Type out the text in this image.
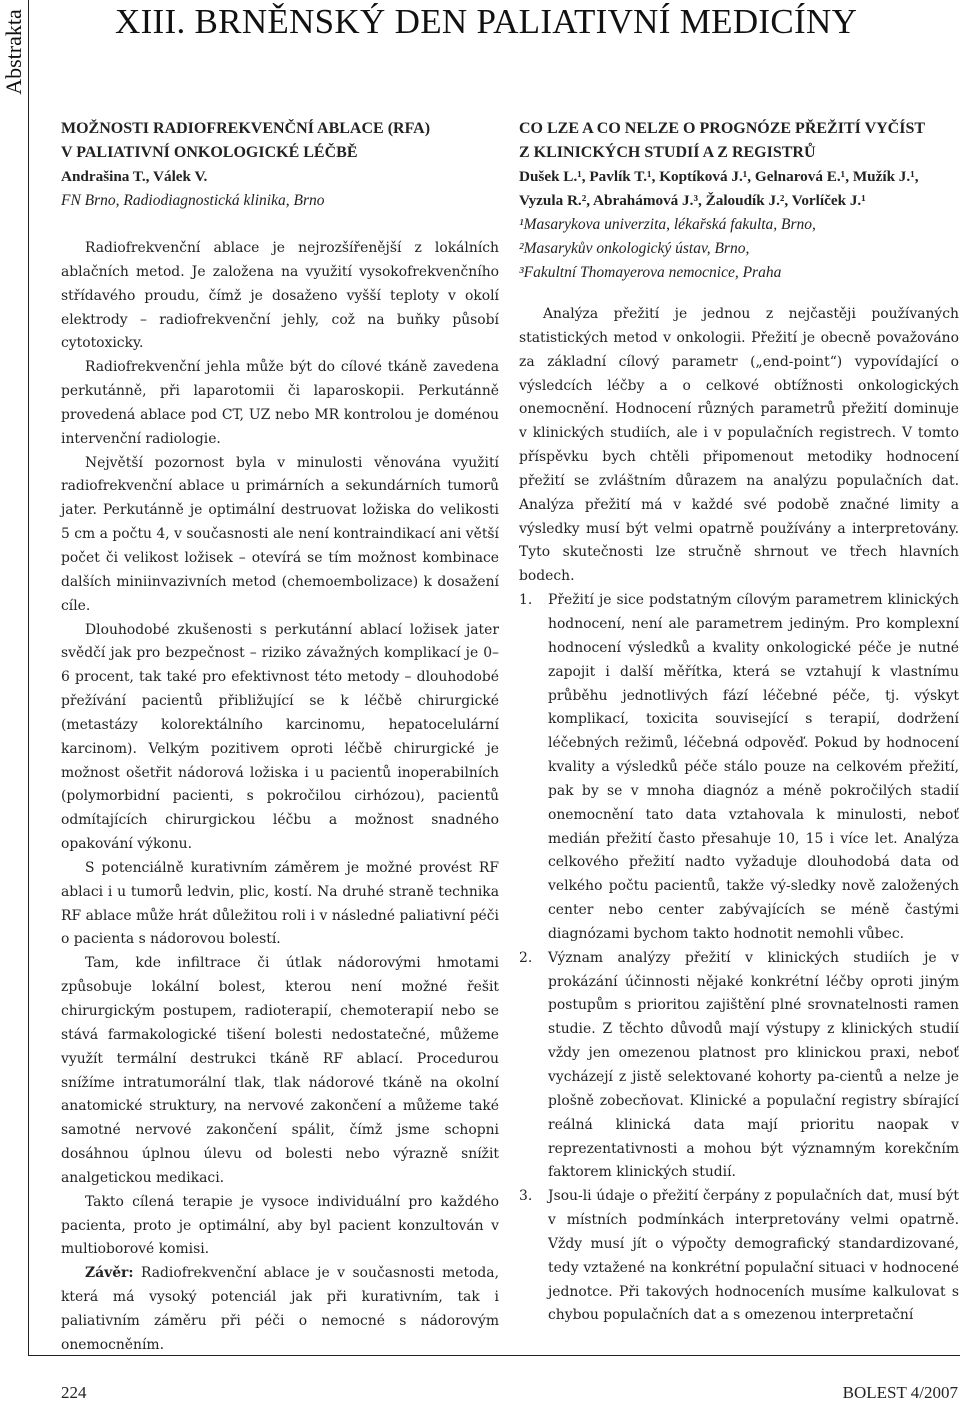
Abstrakta	XIII. BRNĚNSKÝ DEN PALIATIVNÍ MEDICÍNY
MOŽNOSTI RADIOFREKVENČNÍ ABLACE (RFA)
V PALIATIVNÍ ONKOLOGICKÉ LÉČBĚ
Andrašina T., Válek V.
FN Brno, Radiodiagnostická klinika, Brno

Radiofrekvenční ablace je nejrozšířenější z lokálních ablačních metod. Je založena na využití vysokofrekvenčního střídavého proudu, čímž je dosaženo vyšší teploty v okolí elektrody – radiofrekvenční jehly, což na buňky působí cytotoxicky.

Radiofrekvenční jehla může být do cílové tkáně zavedena perkutánně, při laparotomii či laparoskopii. Perkutánně provedená ablace pod CT, UZ nebo MR kontrolou je doménou intervenční radiologie.

Největší pozornost byla v minulosti věnována využití radiofrekvenční ablace u primárních a sekundárních tumorů jater. Perkutánně je optimální destruovat ložiska do velikosti 5 cm a počtu 4, v současnosti ale není kontraindikací ani větší počet či velikost ložisek – otevírá se tím možnost kombinace dalších miniinvazivních metod (chemoembolizace) k dosažení cíle.

Dlouhodobé zkušenosti s perkutánní ablací ložisek jater svědčí jak pro bezpečnost – riziko závažných komplikací je 0–6 procent, tak také pro efektivnost této metody – dlouhodobé přežívání pacientů přibližující se k léčbě chirurgické (metastázy kolorektálního karcinomu, hepatocelulární karcinom). Velkým pozitivem oproti léčbě chirurgické je možnost ošetřit nádorová ložiska i u pacientů inoperabilních (polymorbidní pacienti, s pokročilou cirhózou), pacientů odmítajících chirurgickou léčbu a možnost snadného opakování výkonu.

S potenciálně kurativním záměrem je možné provést RF ablaci i u tumorů ledvin, plic, kostí. Na druhé straně technika RF ablace může hrát důležitou roli i v následné paliativní péči o pacienta s nádorovou bolestí.

Tam, kde infiltrace či útlak nádorovými hmotami způsobuje lokální bolest, kterou není možné řešit chirurgickým postupem, radioterapií, chemoterapií nebo se stává farmakologické tišení bolesti nedostatečné, můžeme využít termální destrukci tkáně RF ablací. Procedurou snížíme intratumorální tlak, tlak nádorové tkáně na okolní anatomické struktury, na nervové zakončení a můžeme také samotné nervové zakončení spálit, čímž jsme schopni dosáhnou úplnou úlevu od bolesti nebo výrazně snížit analgetickou medikaci.

Takto cílená terapie je vysoce individuální pro každého pacienta, proto je optimální, aby byl pacient konzultován v multioborové komisi.

Závěr: Radiofrekvenční ablace je v současnosti metoda, která má vysoký potenciál jak při kurativním, tak i paliativním záměru při péči o nemocné s nádorovým onemocněním.

CO LZE A CO NELZE O PROGNÓZE PŘEŽITÍ VYČÍST
Z KLINICKÝCH STUDIÍ A Z REGISTRŮ
Dušek L.¹, Pavlík T.¹, Koptíková J.¹, Gelnarová E.¹, Mužík J.¹,
Vyzula R.², Abrahámová J.³, Žaloudík J.², Vorlíček J.¹
¹Masarykova univerzita, lékařská fakulta, Brno,
²Masarykův onkologický ústav, Brno,
³Fakultní Thomayerova nemocnice, Praha

Analýza přežití je jednou z nejčastěji používaných statistických metod v onkologii. Přežití je obecně považováno za základní cílový parametr („end-point“) vypovídající o výsledcích léčby a o celkové obtížnosti onkologických onemocnění. Hodnocení různých parametrů přežití dominuje v klinických studiích, ale i v populačních registrech. V tomto příspěvku bych chtěli připomenout metodiky hodnocení přežití se zvláštním důrazem na analýzu populačních dat. Analýza přežití má v každé své podobě značné limity a výsledky musí být velmi opatrně používány a interpretovány. Tyto skutečnosti lze stručně shrnout ve třech hlavních bodech.

1. Přežití je sice podstatným cílovým parametrem klinických hodnocení, není ale parametrem jediným. Pro komplexní hodnocení výsledků a kvality onkologické péče je nutné zapojit i další měřítka, která se vztahují k vlastnímu průběhu jednotlivých fází léčebné péče, tj. výskyt komplikací, toxicita související s terapií, dodržení léčebných režimů, léčebná odpověď. Pokud by hodnocení kvality a výsledků péče stálo pouze na celkovém přežití, pak by se v mnoha diagnóz a méně pokročilých stadií onemocnění tato data vztahovala k minulosti, neboť medián přežití často přesahuje 10, 15 i více let. Analýza celkového přežití nadto vyžaduje dlouhodobá data od velkého počtu pacientů, takže vý-sledky nově založených center nebo center zabývajících se méně častými diagnózami bychom takto hodnotit nemohli vůbec.
2. Význam analýzy přežití v klinických studiích je v prokázání účinnosti nějaké konkrétní léčby oproti jiným postupům s prioritou zajištění plné srovnatelnosti ramen studie. Z těchto důvodů mají výstupy z klinických studií vždy jen omezenou platnost pro klinickou praxi, neboť vycházejí z jistě selektované kohorty pa-cientů a nelze je plošně zobecňovat. Klinické a populační registry sbírající reálná klinická data mají prioritu naopak v reprezentativnosti a mohou být významným korekčním faktorem klinických studií.
3. Jsou-li údaje o přežití čerpány z populačních dat, musí být v místních podmínkách interpretovány velmi opatrně. Vždy musí jít o výpočty demografický standardizované, tedy vztažené na konkrétní populační situaci v hodnocené jednotce. Při takových hodnoceních musíme kalkulovat s chybou populačních dat a s omezenou interpretační
224	BOLEST 4/2007
